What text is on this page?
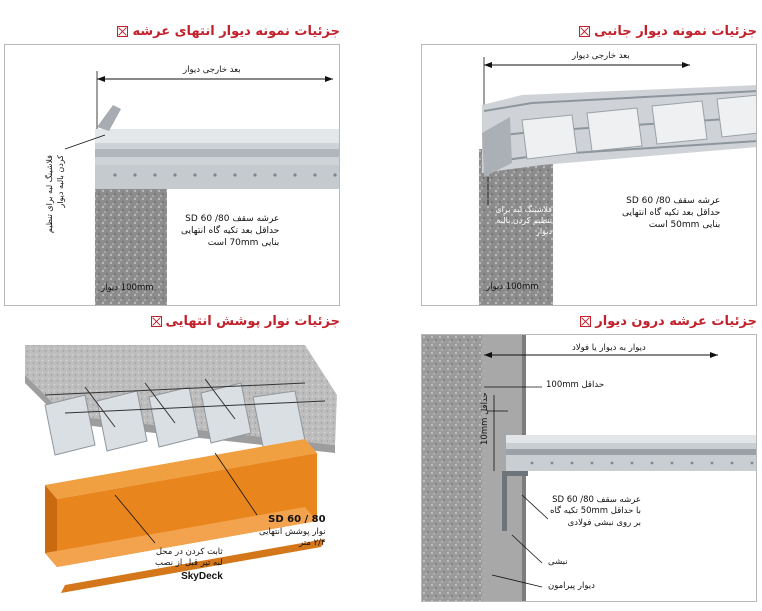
جزئیات نمونه دیوار جانبی
بعد خارجی دیوار
فلاشینگ لبه برای تنظیم کردن بالبه دیوار
عرشه سقف SD 60 /80
حداقل بعد تکیه گاه انتهایی
بنایی 50mm است
100mm دیوار
جزئیات نمونه دیوار انتهای عرشه
بعد خارجی دیوار
فلاشینگ لبه برای تنظیم کردن بالبه دیوار
عرشه سقف SD 60 /80
حداقل بعد تکیه گاه انتهایی
بنایی 70mm است
100mm دیوار
جزئیات عرشه درون دیوار
دیوار به دیوار یا فولاد
حداقل 100mm
حداقل 10mm
عرشه سقف SD 60 /80
با حداقل 50mm تکیه گاه
بر روی نبشی فولادی
نبشی
دیوار پیرامون
جزئیات نوار پوشش انتهایی
SD 60 / 80
نوار پوشش انتهایی
۲/۴ متر
ثابت کردن در محل
لبه تیر قبل از نصب
SkyDeck
